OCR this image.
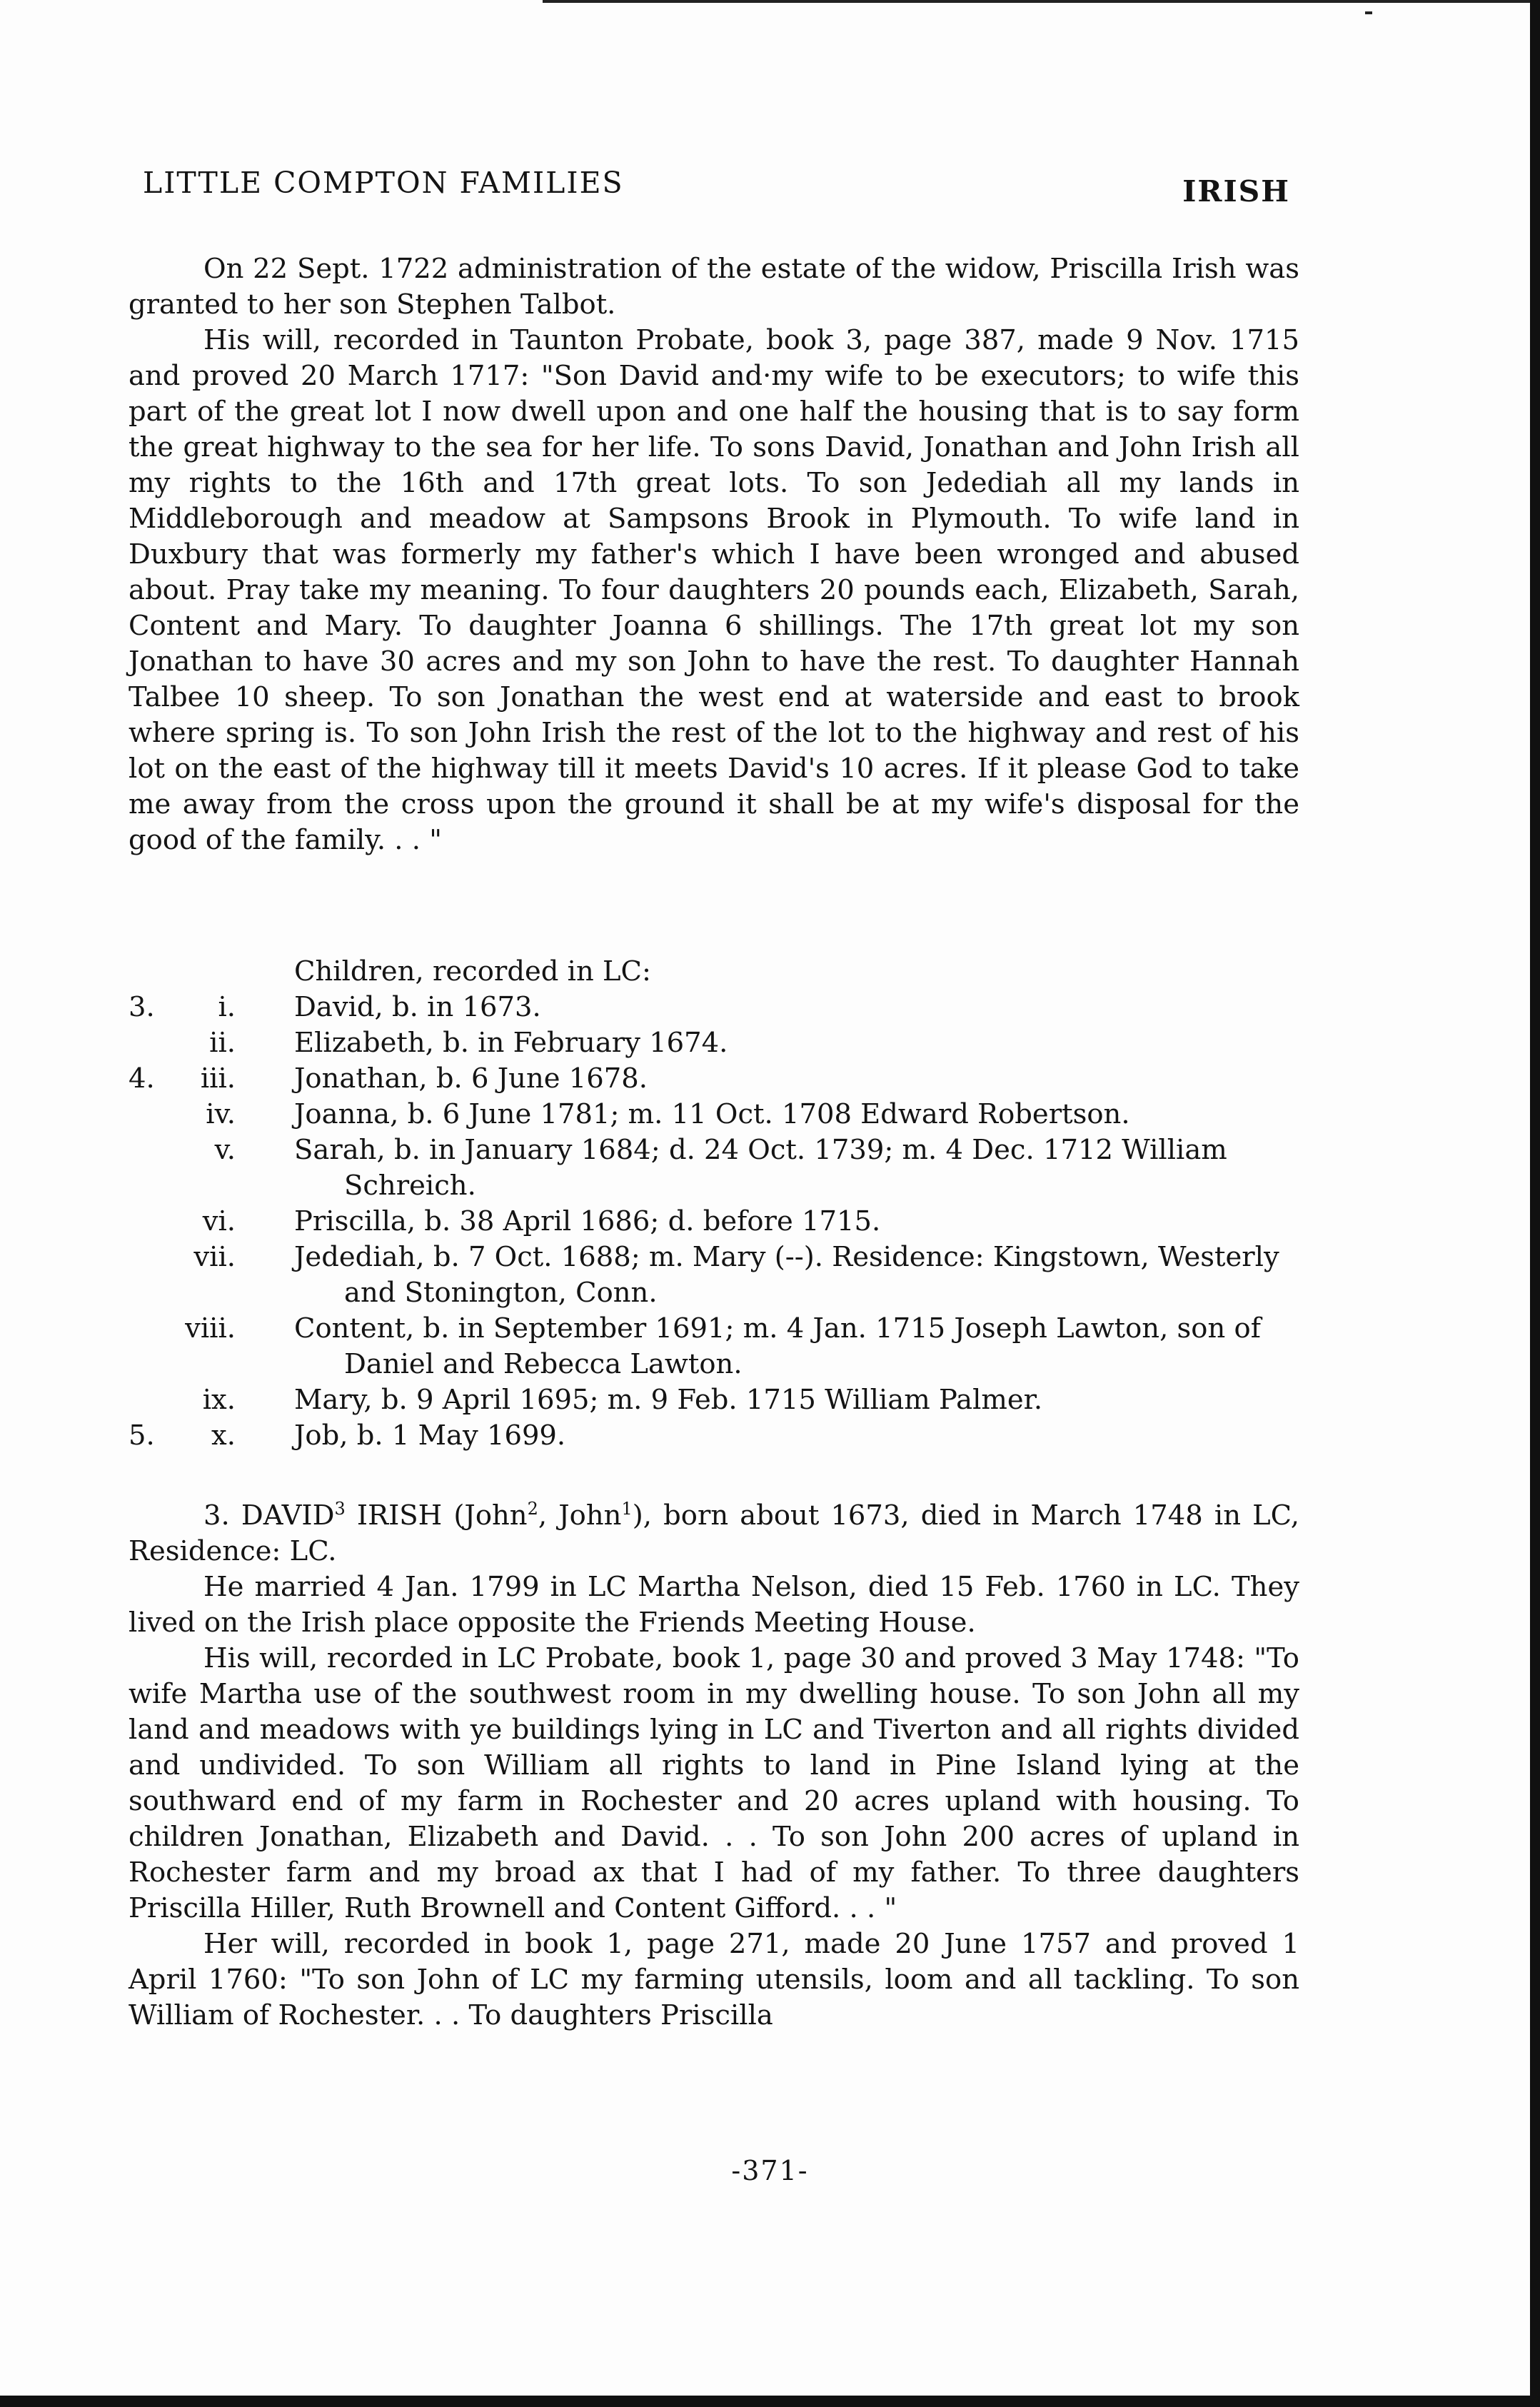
LITTLE COMPTON FAMILIES	IRISH

On 22 Sept. 1722 administration of the estate of the widow, Priscilla Irish was granted to her son Stephen Talbot.

His will, recorded in Taunton Probate, book 3, page 387, made 9 Nov. 1715 and proved 20 March 1717: "Son David and·my wife to be executors; to wife this part of the great lot I now dwell upon and one half the housing that is to say form the great highway to the sea for her life. To sons David, Jonathan and John Irish all my rights to the 16th and 17th great lots. To son Jedediah all my lands in Middleborough and meadow at Sampsons Brook in Plymouth. To wife land in Duxbury that was formerly my father's which I have been wronged and abused about. Pray take my meaning. To four daughters 20 pounds each, Elizabeth, Sarah, Content and Mary. To daughter Joanna 6 shillings. The 17th great lot my son Jonathan to have 30 acres and my son John to have the rest. To daughter Hannah Talbee 10 sheep. To son Jonathan the west end at waterside and east to brook where spring is. To son John Irish the rest of the lot to the highway and rest of his lot on the east of the highway till it meets David's 10 acres. If it please God to take me away from the cross upon the ground it shall be at my wife's disposal for the good of the family. . . "

Children, recorded in LC:
3.	i. David, b. in 1673.
ii. Elizabeth, b. in February 1674.
4.	iii. Jonathan, b. 6 June 1678.
iv. Joanna, b. 6 June 1781; m. 11 Oct. 1708 Edward Robertson.
v. Sarah, b. in January 1684; d. 24 Oct. 1739; m. 4 Dec. 1712 William Schreich.
vi. Priscilla, b. 38 April 1686; d. before 1715.
vii. Jedediah, b. 7 Oct. 1688; m. Mary (--). Residence: Kingstown, Westerly and Stonington, Conn.
viii. Content, b. in September 1691; m. 4 Jan. 1715 Joseph Lawton, son of Daniel and Rebecca Lawton.
ix. Mary, b. 9 April 1695; m. 9 Feb. 1715 William Palmer.
5.	x. Job, b. 1 May 1699.

3. DAVID$^3$ IRISH (John$^2$, John$^1$), born about 1673, died in March 1748 in LC, Residence: LC.

He married 4 Jan. 1799 in LC Martha Nelson, died 15 Feb. 1760 in LC. They lived on the Irish place opposite the Friends Meeting House.

His will, recorded in LC Probate, book 1, page 30 and proved 3 May 1748: "To wife Martha use of the southwest room in my dwelling house. To son John all my land and meadows with ye buildings lying in LC and Tiverton and all rights divided and undivided. To son William all rights to land in Pine Island lying at the southward end of my farm in Rochester and 20 acres upland with housing. To children Jonathan, Elizabeth and David. . . To son John 200 acres of upland in Rochester farm and my broad ax that I had of my father. To three daughters Priscilla Hiller, Ruth Brownell and Content Gifford. . . "

Her will, recorded in book 1, page 271, made 20 June 1757 and proved 1 April 1760: "To son John of LC my farming utensils, loom and all tackling. To son William of Rochester. . . To daughters Priscilla

-371-
